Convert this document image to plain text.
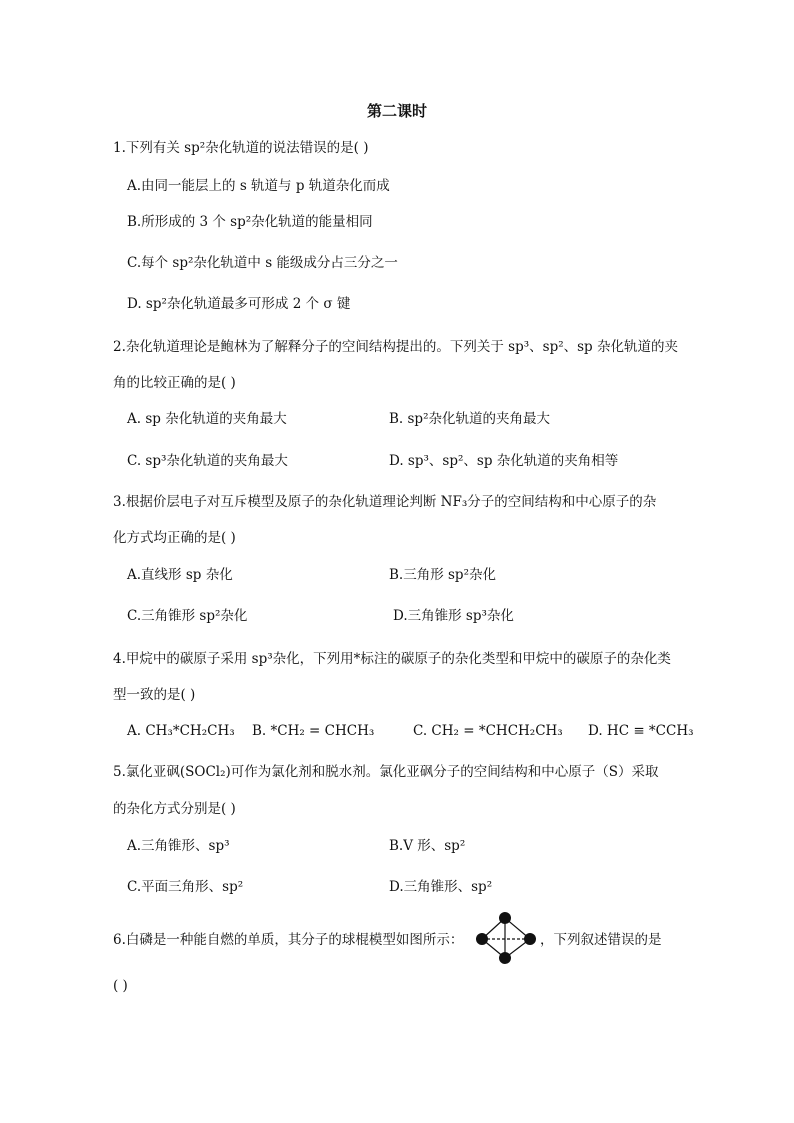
第二课时
1.下列有关 sp²杂化轨道的说法错误的是( )
A.由同一能层上的 s 轨道与 p 轨道杂化而成
B.所形成的 3 个 sp²杂化轨道的能量相同
C.每个 sp²杂化轨道中 s 能级成分占三分之一
D. sp²杂化轨道最多可形成 2 个 σ 键
2.杂化轨道理论是鲍林为了解释分子的空间结构提出的。下列关于 sp³、sp²、sp 杂化轨道的夹
角的比较正确的是( )
A. sp 杂化轨道的夹角最大	B. sp²杂化轨道的夹角最大
C. sp³杂化轨道的夹角最大	D. sp³、sp²、sp 杂化轨道的夹角相等
3.根据价层电子对互斥模型及原子的杂化轨道理论判断 NF₃分子的空间结构和中心原子的杂
化方式均正确的是( )
A.直线形 sp 杂化	B.三角形 sp²杂化
C.三角锥形 sp²杂化	D.三角锥形 sp³杂化
4.甲烷中的碳原子采用 sp³杂化，下列用*标注的碳原子的杂化类型和甲烷中的碳原子的杂化类
型一致的是( )
A. CH₃*CH₂CH₃ B. *CH₂ = CHCH₃	C. CH₂ = *CHCH₂CH₃ D. HC ≡ *CCH₃
5.氯化亚砜(SOCl₂)可作为氯化剂和脱水剂。氯化亚砜分子的空间结构和中心原子（S）采取
的杂化方式分别是( )
A.三角锥形、sp³	B.V 形、sp²
C.平面三角形、sp²	D.三角锥形、sp²
6.白磷是一种能自燃的单质，其分子的球棍模型如图所示：	，下列叙述错误的是
( )
